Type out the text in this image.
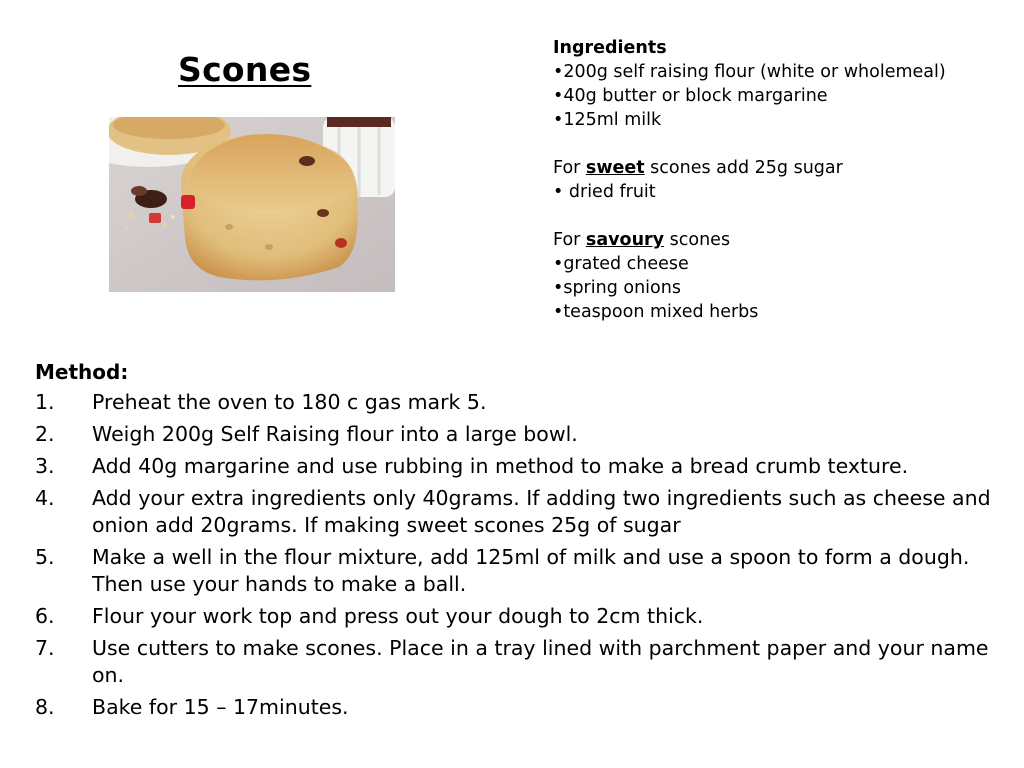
Scones
Ingredients
•200g self raising flour (white or wholemeal)
•40g butter or block margarine
•125ml milk
For sweet scones add 25g sugar
• dried fruit
For savoury scones
•grated cheese
•spring onions
•teaspoon mixed herbs
Method:
1. Preheat the oven to 180 c gas mark 5.
2. Weigh 200g Self Raising flour into a large bowl.
3. Add 40g margarine and use rubbing in method to make a bread crumb texture.
4. Add your extra ingredients only 40grams. If adding two ingredients such as cheese and onion add 20grams. If making sweet scones 25g of sugar
5. Make a well in the flour mixture, add 125ml of milk and use a spoon to form a dough. Then use your hands to make a ball.
6. Flour your work top and press out your dough to 2cm thick.
7. Use cutters to make scones. Place in a tray lined with parchment paper and your name on.
8. Bake for 15 – 17minutes.
